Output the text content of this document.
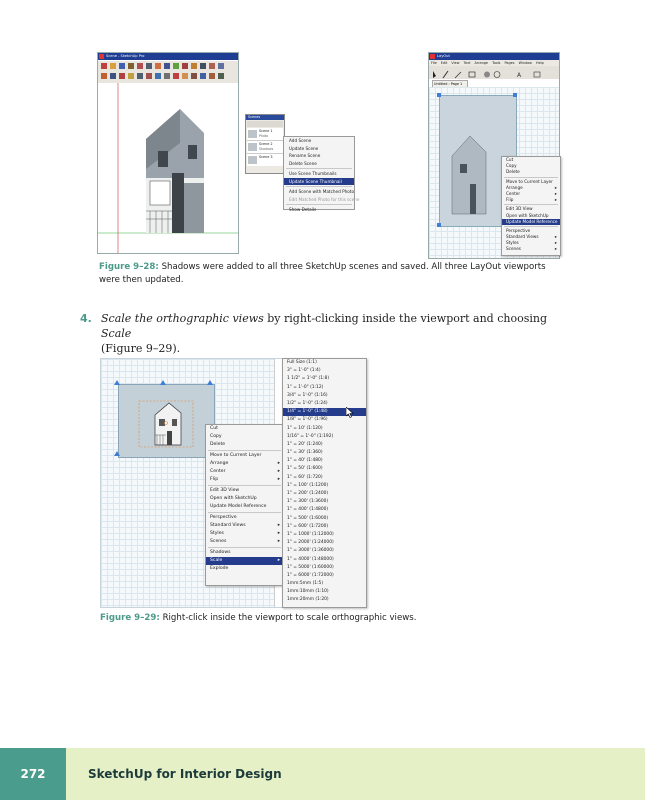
Scene - SketchUp Pro
Scenes
Scene 1
Photo
Scene 2
Shadows
Scene 3
Add Scene
Update Scene
Rename Scene
Delete Scene
Use Scene Thumbnails
Update Scene Thumbnail
Add Scene with Matched Photo
Edit Matched Photo for this scene
Show Details
LayOut
File Edit View Text Arrange Tools Pages Window Help
A
Untitled : Page 1
Cut
Copy
Delete
Move to Current Layer
Arrange	▸
Center	▸
Flip	▸
Edit 3D View
Open with SketchUp
Update Model Reference
Perspective
Standard Views	▸
Styles	▸
Scenes	▸
Figure 9–28: Shadows were added to all three SketchUp scenes and saved. All three LayOut viewports were then updated.
4. Scale the orthographic views by right-clicking inside the viewport and choosing Scale
(Figure 9–29).
Cut
Copy
Delete
Move to Current Layer
Arrange	▸
Center	▸
Flip	▸
Edit 3D View
Open with SketchUp
Update Model Reference
Perspective
Standard Views	▸
Styles	▸
Scenes	▸
Shadows
Scale	▸
Explode
Full Size (1:1)
3" = 1'-0" (1:4)
1 1/2" = 1'-0" (1:8)
1" = 1'-0" (1:12)
3/4" = 1'-0" (1:16)
1/2" = 1'-0" (1:24)
1/4" = 1'-0" (1:48)
1/8" = 1'-0" (1:96)
1" = 10' (1:120)
1/16" = 1'-0" (1:192)
1" = 20' (1:240)
1" = 30' (1:360)
1" = 40' (1:480)
1" = 50' (1:600)
1" = 60' (1:720)
1" = 100' (1:1200)
1" = 200' (1:2400)
1" = 300' (1:3600)
1" = 400' (1:4800)
1" = 500' (1:6000)
1" = 600' (1:7200)
1" = 1000' (1:12000)
1" = 2000' (1:24000)
1" = 3000' (1:36000)
1" = 4000' (1:48000)
1" = 5000' (1:60000)
1" = 6000' (1:72000)
1mm:5mm (1:5)
1mm:10mm (1:10)
1mm:20mm (1:20)
Figure 9–29: Right-click inside the viewport to scale orthographic views.
272	SketchUp for Interior Design
